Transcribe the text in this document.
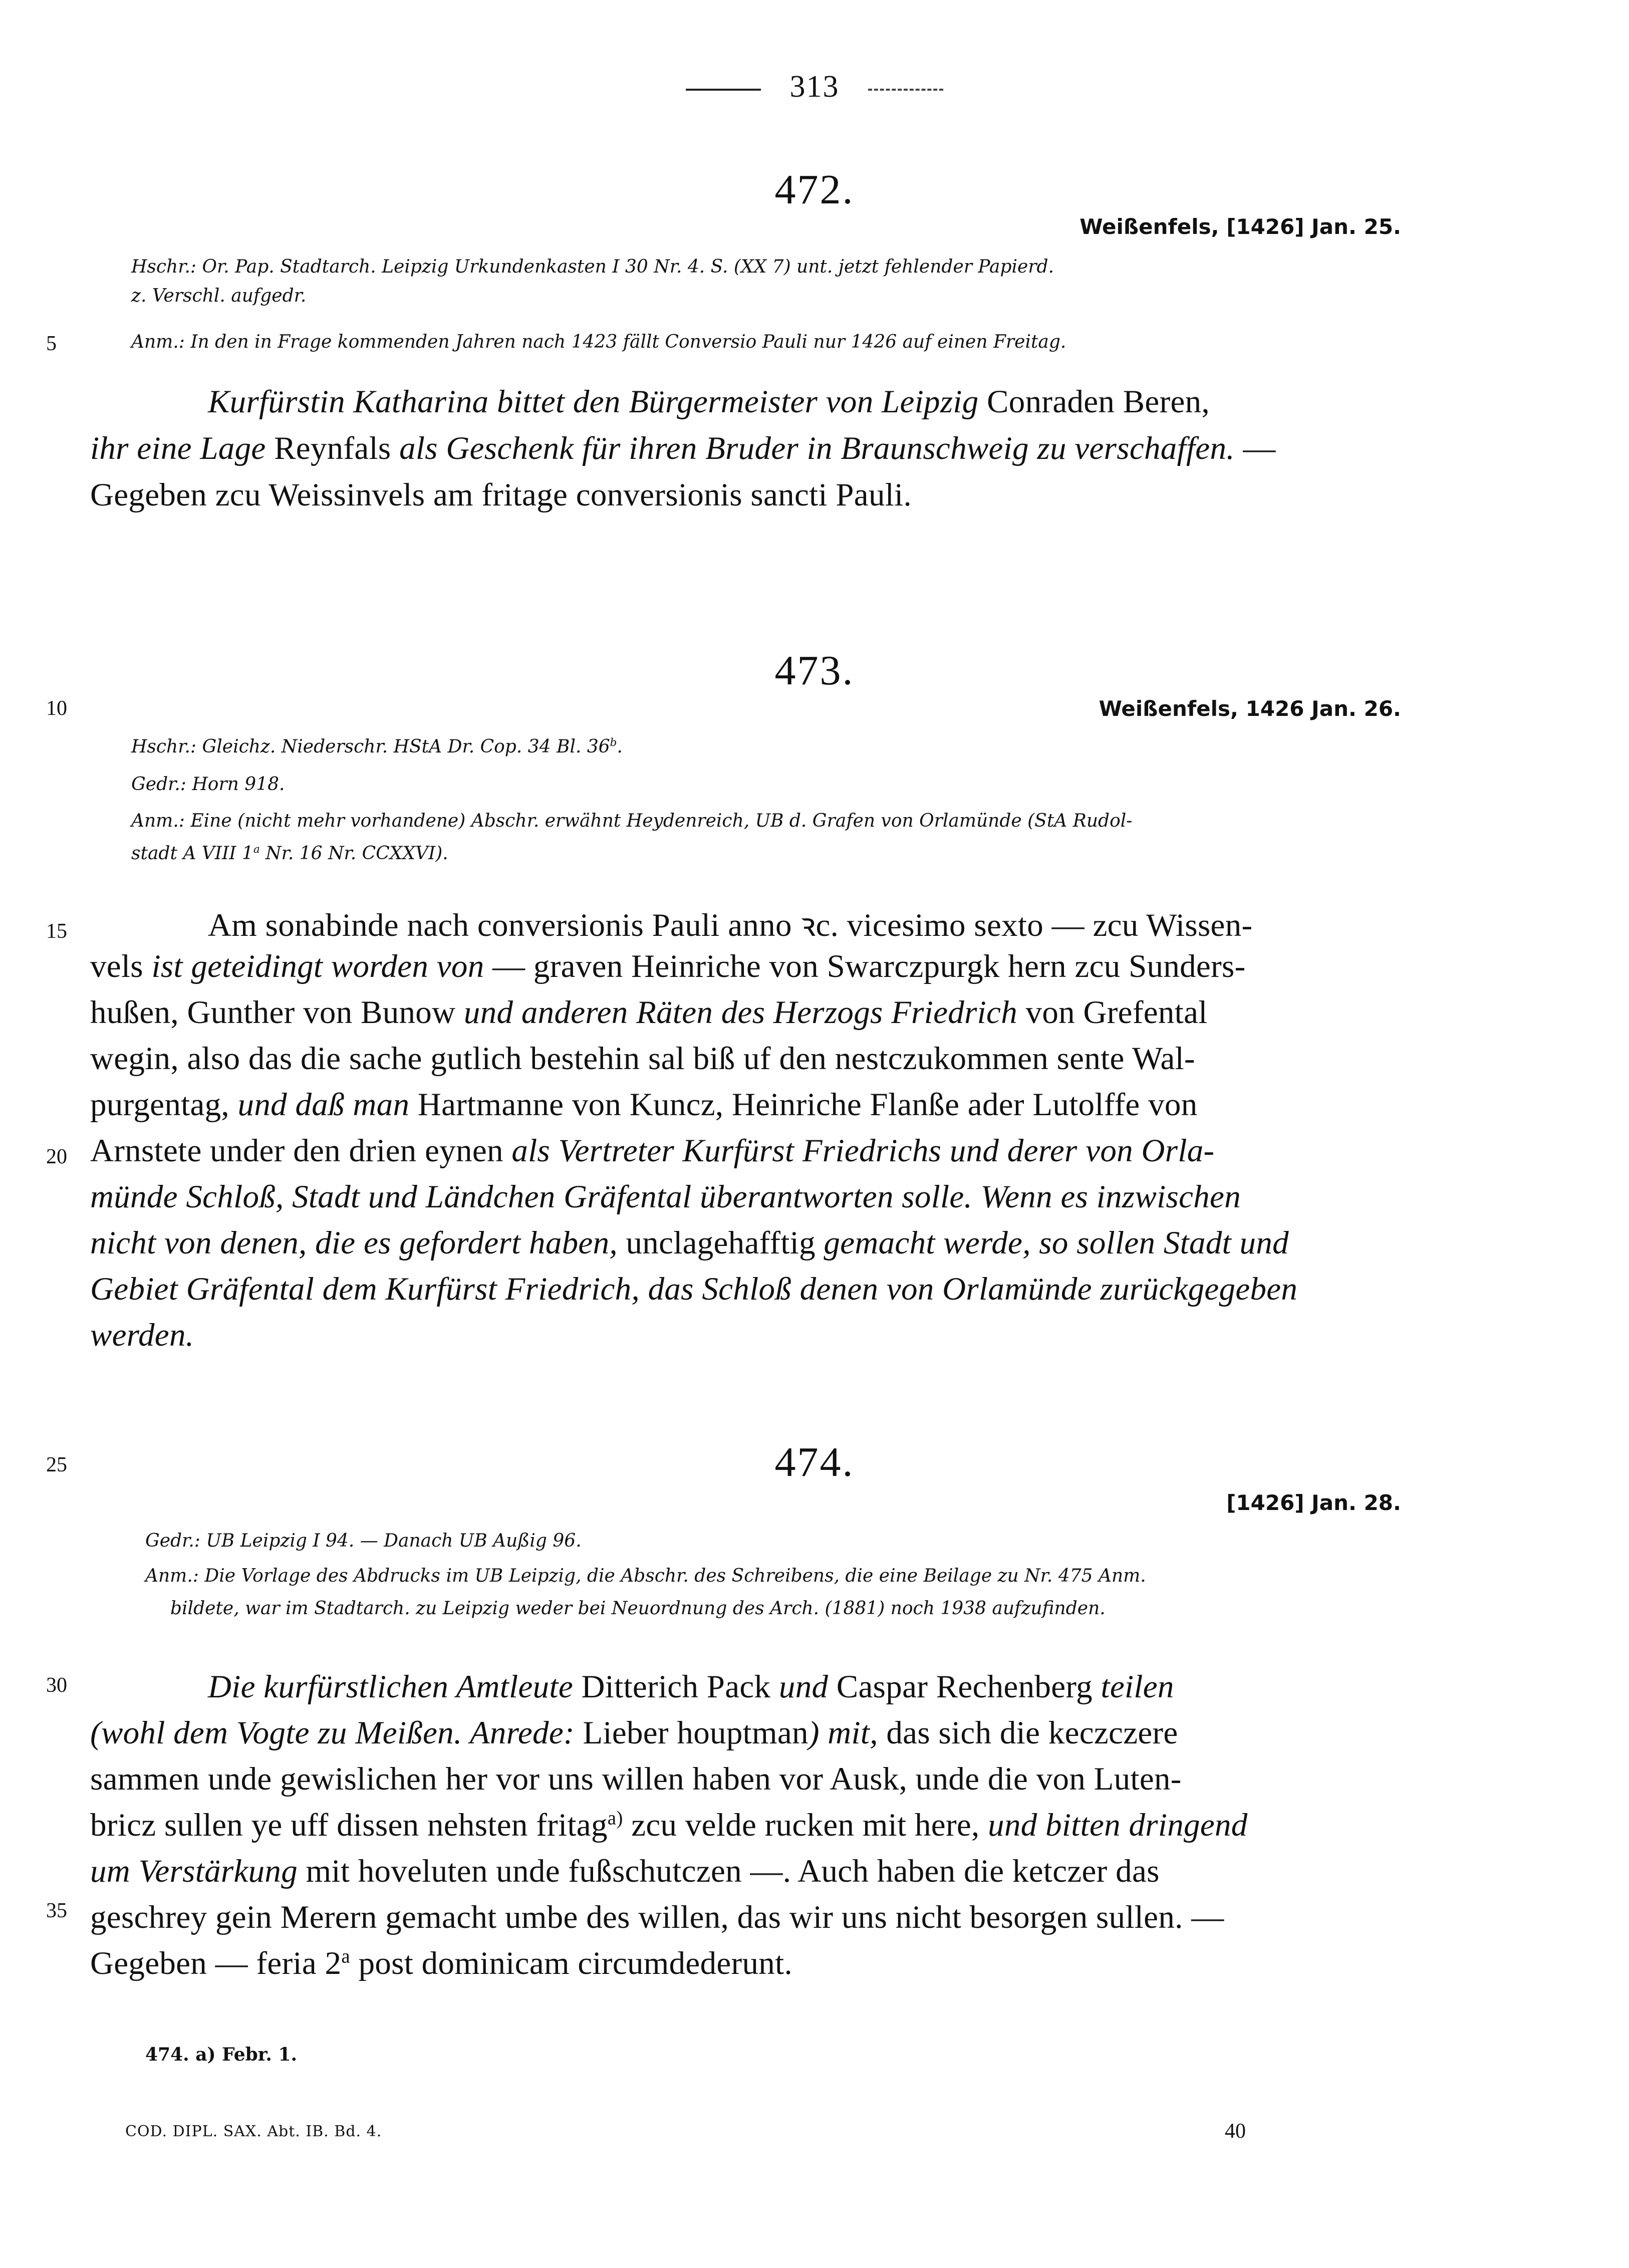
313
472.
Weißenfels, [1426] Jan. 25.
Hschr.: Or. Pap. Stadtarch. Leipzig Urkundenkasten I 30 Nr. 4. S. (XX 7) unt. jetzt fehlender Papierd.
z. Verschl. aufgedr.
Anm.: In den in Frage kommenden Jahren nach 1423 fällt Conversio Pauli nur 1426 auf einen Freitag.
Kurfürstin Katharina bittet den Bürgermeister von Leipzig Conraden Beren,
ihr eine Lage Reynfals als Geschenk für ihren Bruder in Braunschweig zu verschaffen. —
Gegeben zcu Weissinvels am fritage conversionis sancti Pauli.
473.
Weißenfels, 1426 Jan. 26.
Hschr.: Gleichz. Niederschr. HStA Dr. Cop. 34 Bl. 36$^b$.
Gedr.: Horn 918.
Anm.: Eine (nicht mehr vorhandene) Abschr. erwähnt Heydenreich, UB d. Grafen von Orlamünde (StA Rudol-
stadt A VIII 1$^a$ Nr. 16 Nr. CCXXVI).
Am sonabinde nach conversionis Pauli anno ꝛc. vicesimo sexto — zcu Wissen-
vels ist geteidingt worden von — graven Heinriche von Swarczpurgk hern zcu Sunders-
hußen, Gunther von Bunow und anderen Räten des Herzogs Friedrich von Grefental
wegin, also das die sache gutlich bestehin sal biß uf den nestczukommen sente Wal-
purgentag, und daß man Hartmanne von Kuncz, Heinriche Flanße ader Lutolffe von
Arnstete under den drien eynen als Vertreter Kurfürst Friedrichs und derer von Orla-
münde Schloß, Stadt und Ländchen Gräfental überantworten solle. Wenn es inzwischen
nicht von denen, die es gefordert haben, unclagehafftig gemacht werde, so sollen Stadt und
Gebiet Gräfental dem Kurfürst Friedrich, das Schloß denen von Orlamünde zurückgegeben
werden.
474.
[1426] Jan. 28.
Gedr.: UB Leipzig I 94. — Danach UB Außig 96.
Anm.: Die Vorlage des Abdrucks im UB Leipzig, die Abschr. des Schreibens, die eine Beilage zu Nr. 475 Anm.
bildete, war im Stadtarch. zu Leipzig weder bei Neuordnung des Arch. (1881) noch 1938 aufzufinden.
Die kurfürstlichen Amtleute Ditterich Pack und Caspar Rechenberg teilen
(wohl dem Vogte zu Meißen. Anrede: Lieber houptman) mit, das sich die keczczere
sammen unde gewislichen her vor uns willen haben vor Ausk, unde die von Luten-
bricz sullen ye uff dissen nehsten fritag$^{a)}$ zcu velde rucken mit here, und bitten dringend
um Verstärkung mit hoveluten unde fußschutczen —. Auch haben die ketczer das
geschrey gein Merern gemacht umbe des willen, das wir uns nicht besorgen sullen. —
Gegeben — feria 2$^a$ post dominicam circumdederunt.
5
10
15
20
25
30
35
474. a) Febr. 1.
COD. DIPL. SAX. Abt. IB. Bd. 4.	40
